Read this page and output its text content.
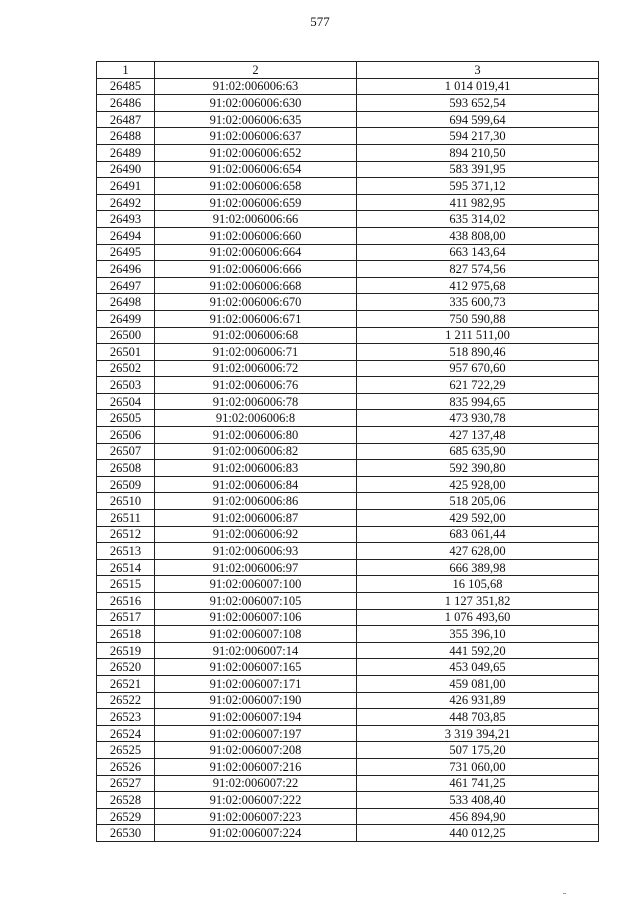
577
1	2	3
26485	91:02:006006:63	1 014 019,41
26486	91:02:006006:630	593 652,54
26487	91:02:006006:635	694 599,64
26488	91:02:006006:637	594 217,30
26489	91:02:006006:652	894 210,50
26490	91:02:006006:654	583 391,95
26491	91:02:006006:658	595 371,12
26492	91:02:006006:659	411 982,95
26493	91:02:006006:66	635 314,02
26494	91:02:006006:660	438 808,00
26495	91:02:006006:664	663 143,64
26496	91:02:006006:666	827 574,56
26497	91:02:006006:668	412 975,68
26498	91:02:006006:670	335 600,73
26499	91:02:006006:671	750 590,88
26500	91:02:006006:68	1 211 511,00
26501	91:02:006006:71	518 890,46
26502	91:02:006006:72	957 670,60
26503	91:02:006006:76	621 722,29
26504	91:02:006006:78	835 994,65
26505	91:02:006006:8	473 930,78
26506	91:02:006006:80	427 137,48
26507	91:02:006006:82	685 635,90
26508	91:02:006006:83	592 390,80
26509	91:02:006006:84	425 928,00
26510	91:02:006006:86	518 205,06
26511	91:02:006006:87	429 592,00
26512	91:02:006006:92	683 061,44
26513	91:02:006006:93	427 628,00
26514	91:02:006006:97	666 389,98
26515	91:02:006007:100	16 105,68
26516	91:02:006007:105	1 127 351,82
26517	91:02:006007:106	1 076 493,60
26518	91:02:006007:108	355 396,10
26519	91:02:006007:14	441 592,20
26520	91:02:006007:165	453 049,65
26521	91:02:006007:171	459 081,00
26522	91:02:006007:190	426 931,89
26523	91:02:006007:194	448 703,85
26524	91:02:006007:197	3 319 394,21
26525	91:02:006007:208	507 175,20
26526	91:02:006007:216	731 060,00
26527	91:02:006007:22	461 741,25
26528	91:02:006007:222	533 408,40
26529	91:02:006007:223	456 894,90
26530	91:02:006007:224	440 012,25
